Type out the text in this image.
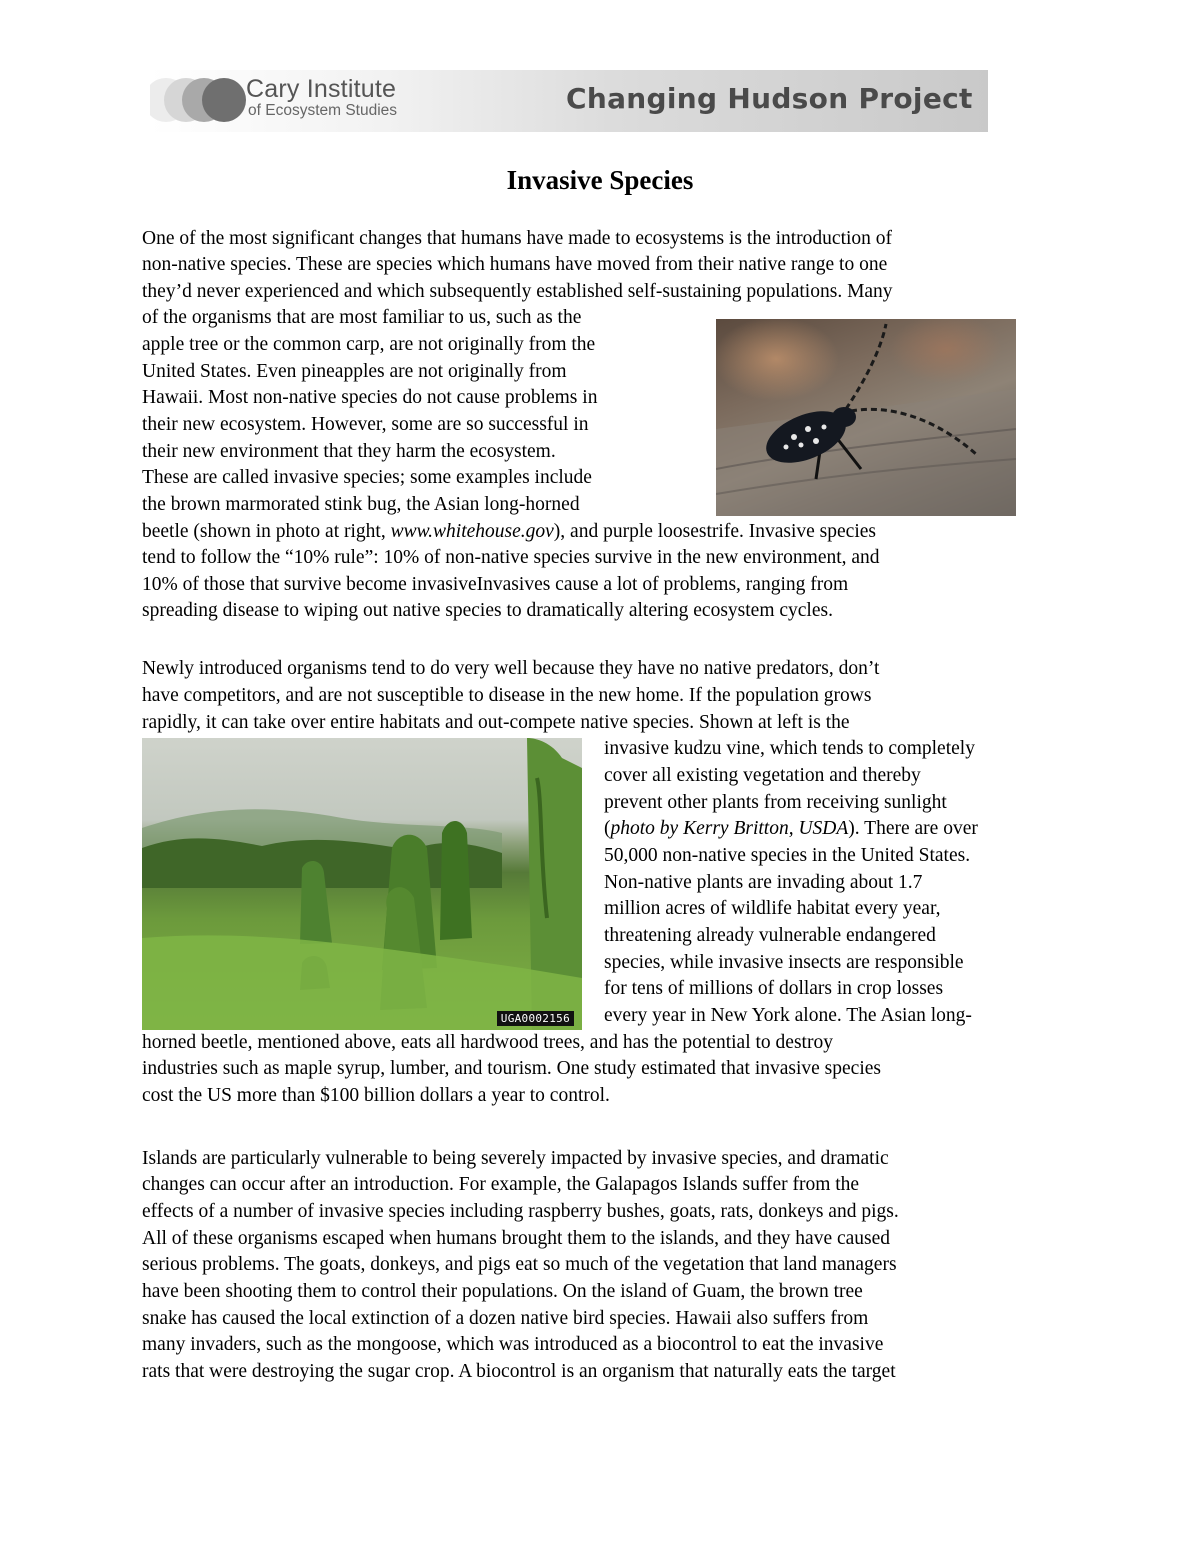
Cary Institute
of Ecosystem Studies	Changing Hudson Project
Invasive Species
One of the most significant changes that humans have made to ecosystems is the introduction of
non-native species. These are species which humans have moved from their native range to one
they’d never experienced and which subsequently established self-sustaining populations. Many
of the organisms that are most familiar to us, such as the
apple tree or the common carp, are not originally from the
United States. Even pineapples are not originally from
Hawaii. Most non-native species do not cause problems in
their new ecosystem. However, some are so successful in
their new environment that they harm the ecosystem.
These are called invasive species; some examples include
the brown marmorated stink bug, the Asian long-horned
beetle (shown in photo at right, www.whitehouse.gov), and purple loosestrife. Invasive species
tend to follow the “10% rule”: 10% of non-native species survive in the new environment, and
10% of those that survive become invasiveInvasives cause a lot of problems, ranging from
spreading disease to wiping out native species to dramatically altering ecosystem cycles.
Newly introduced organisms tend to do very well because they have no native predators, don’t
have competitors, and are not susceptible to disease in the new home. If the population grows
rapidly, it can take over entire habitats and out-compete native species. Shown at left is the
invasive kudzu vine, which tends to completely
cover all existing vegetation and thereby
prevent other plants from receiving sunlight
(photo by Kerry Britton, USDA). There are over
50,000 non-native species in the United States.
Non-native plants are invading about 1.7
million acres of wildlife habitat every year,
threatening already vulnerable endangered
species, while invasive insects are responsible
for tens of millions of dollars in crop losses
every year in New York alone. The Asian long-
horned beetle, mentioned above, eats all hardwood trees, and has the potential to destroy
industries such as maple syrup, lumber, and tourism. One study estimated that invasive species
cost the US more than $100 billion dollars a year to control.
UGA0002156
Islands are particularly vulnerable to being severely impacted by invasive species, and dramatic
changes can occur after an introduction. For example, the Galapagos Islands suffer from the
effects of a number of invasive species including raspberry bushes, goats, rats, donkeys and pigs.
All of these organisms escaped when humans brought them to the islands, and they have caused
serious problems. The goats, donkeys, and pigs eat so much of the vegetation that land managers
have been shooting them to control their populations. On the island of Guam, the brown tree
snake has caused the local extinction of a dozen native bird species. Hawaii also suffers from
many invaders, such as the mongoose, which was introduced as a biocontrol to eat the invasive
rats that were destroying the sugar crop. A biocontrol is an organism that naturally eats the target
